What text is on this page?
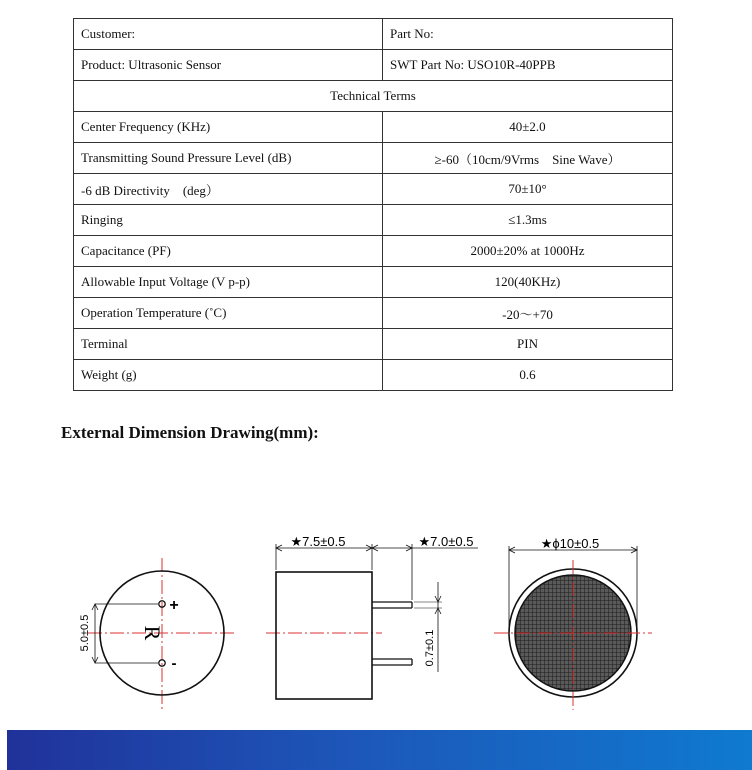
Customer:	Part No:
Product: Ultrasonic Sensor	SWT Part No: USO10R-40PPB
Technical Terms	
Center Frequency (KHz)	40±2.0
Transmitting Sound Pressure Level (dB)	≥-60（10cm/9Vrms　Sine Wave）
-6 dB Directivity　(deg）	70±10°
Ringing	≤1.3ms
Capacitance (PF)	2000±20% at 1000Hz
Allowable Input Voltage (V p-p)	120(40KHz)
Operation Temperature (˚C)	-20～+70
Terminal	PIN
Weight (g)	0.6
External Dimension Drawing(mm):
+
-
R
5.0±0.5
★7.5±0.5	★7.0±0.5
0.7±0.1
★ϕ10±0.5
